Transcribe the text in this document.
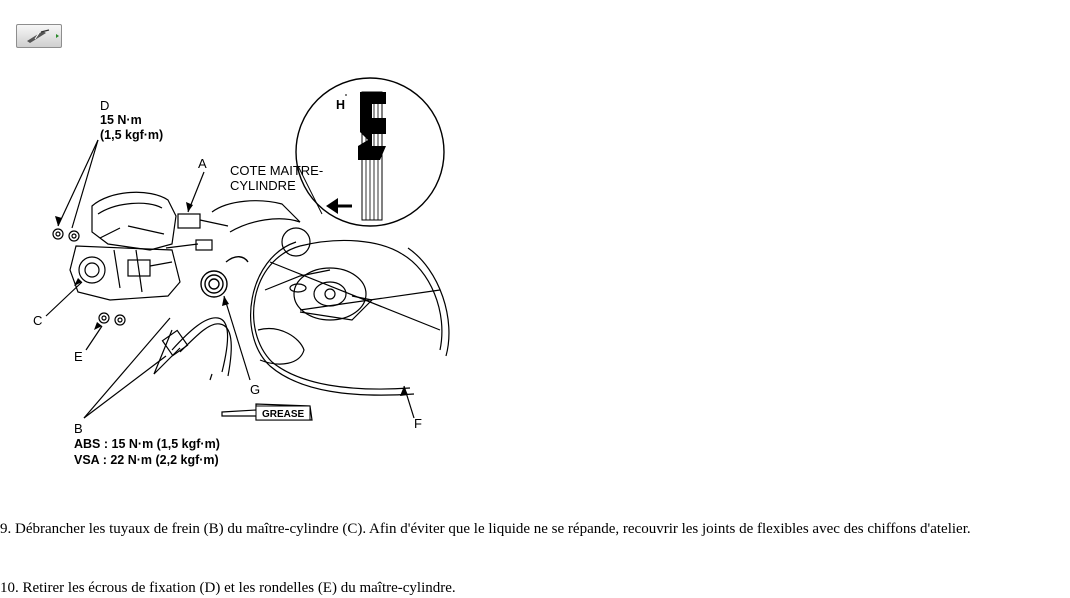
GREASE
H
COTE MAITRE-
CYLINDRE
A
D
15 N·m
(1,5 kgf·m)
C
E
G
F
B
ABS : 15 N·m (1,5 kgf·m)
VSA : 22 N·m (2,2 kgf·m)
9. Débrancher les tuyaux de frein (B) du maître-cylindre (C). Afin d'éviter que le liquide ne se répande, recouvrir les joints de flexibles avec des chiffons d'atelier.
10. Retirer les écrous de fixation (D) et les rondelles (E) du maître-cylindre.
